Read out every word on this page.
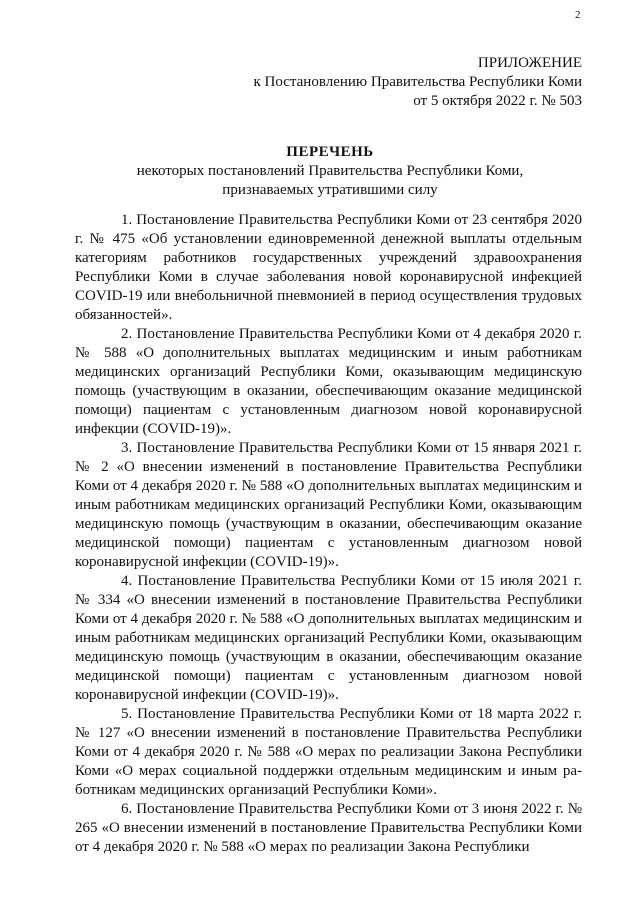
2
ПРИЛОЖЕНИЕ
к Постановлению Правительства Республики Коми
от 5 октября 2022 г. № 503
ПЕРЕЧЕНЬ
некоторых постановлений Правительства Республики Коми,
признаваемых утратившими силу

1. Постановление Правительства Республики Коми от 23 сентября 2020 г. № 475 «Об установлении единовременной денежной выплаты отдельным категориям работников государственных учреждений здравоохранения Республики Коми в случае заболевания новой коронавирусной инфекцией COVID-19 или внебольничной пневмонией в период осуществления трудовых обязанностей».

2. Постановление Правительства Республики Коми от 4 декабря 2020 г. № 588 «О дополнительных выплатах медицинским и иным работникам медицинских организаций Республики Коми, оказывающим медицинскую помощь (участвующим в оказании, обеспечивающим оказание медицинской помощи) пациентам с установленным диагнозом новой коронавирусной инфекции (COVID-19)».

3. Постановление Правительства Республики Коми от 15 января 2021 г. № 2 «О внесении изменений в постановление Правительства Республики Коми от 4 декабря 2020 г. № 588 «О дополнительных выплатах медицинским и иным работникам медицинских организаций Республики Коми, оказывающим медицинскую помощь (участвующим в оказании, обеспечивающим оказание медицинской помощи) пациентам с установленным диагнозом новой коронавирусной инфекции (COVID-19)».

4. Постановление Правительства Республики Коми от 15 июля 2021 г. № 334 «О внесении изменений в постановление Правительства Республики Коми от 4 декабря 2020 г. № 588 «О дополнительных выплатах медицинским и иным работникам медицинских организаций Республики Коми, оказывающим медицинскую помощь (участвующим в оказании, обеспечивающим оказание медицинской помощи) пациентам с установленным диагнозом новой коронавирусной инфекции (COVID-19)».

5. Постановление Правительства Республики Коми от 18 марта 2022 г. № 127 «О внесении изменений в постановление Правительства Республики Коми от 4 декабря 2020 г. № 588 «О мерах по реализации Закона Республики Коми «О мерах социальной поддержки отдельным медицинским и иным работникам медицинских организаций Республики Коми».

6. Постановление Правительства Республики Коми от 3 июня 2022 г. № 265 «О внесении изменений в постановление Правительства Республики Коми от 4 декабря 2020 г. № 588 «О мерах по реализации Закона Республики
